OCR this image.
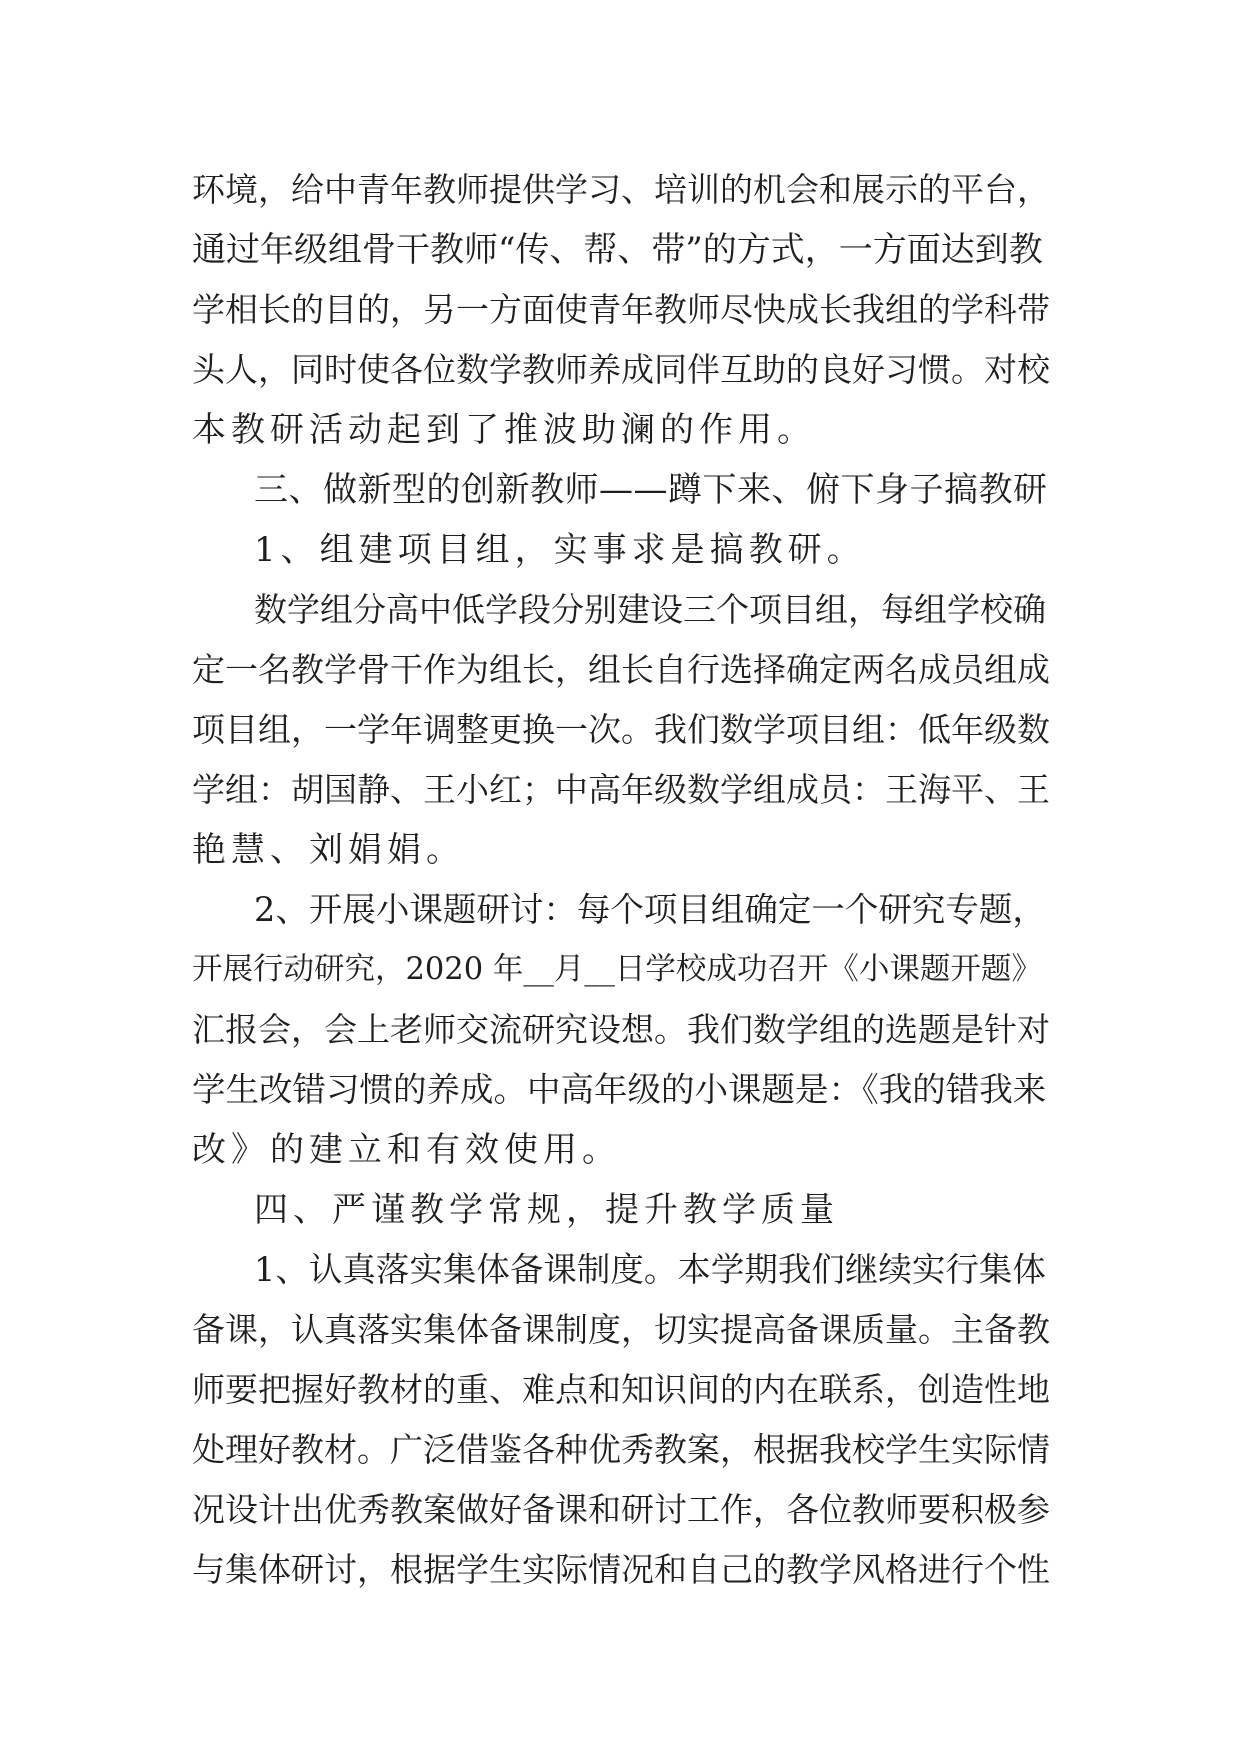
环境，给中青年教师提供学习、培训的机会和展示的平台，
通过年级组骨干教师“传、帮、带”的方式，一方面达到教
学相长的目的，另一方面使青年教师尽快成长我组的学科带
头人，同时使各位数学教师养成同伴互助的良好习惯。对校
本教研活动起到了推波助澜的作用。
三、做新型的创新教师——蹲下来、俯下身子搞教研
1、组建项目组，实事求是搞教研。
数学组分高中低学段分别建设三个项目组，每组学校确
定一名教学骨干作为组长，组长自行选择确定两名成员组成
项目组，一学年调整更换一次。我们数学项目组：低年级数
学组：胡国静、王小红；中高年级数学组成员：王海平、王
艳慧、刘娟娟。
2、开展小课题研讨：每个项目组确定一个研究专题，
开展行动研究，2020 年__月__日学校成功召开《小课题开题》
汇报会，会上老师交流研究设想。我们数学组的选题是针对
学生改错习惯的养成。中高年级的小课题是：《我的错我来
改》的建立和有效使用。
四、严谨教学常规，提升教学质量
1、认真落实集体备课制度。本学期我们继续实行集体
备课，认真落实集体备课制度，切实提高备课质量。主备教
师要把握好教材的重、难点和知识间的内在联系，创造性地
处理好教材。广泛借鉴各种优秀教案，根据我校学生实际情
况设计出优秀教案做好备课和研讨工作，各位教师要积极参
与集体研讨，根据学生实际情况和自己的教学风格进行个性
